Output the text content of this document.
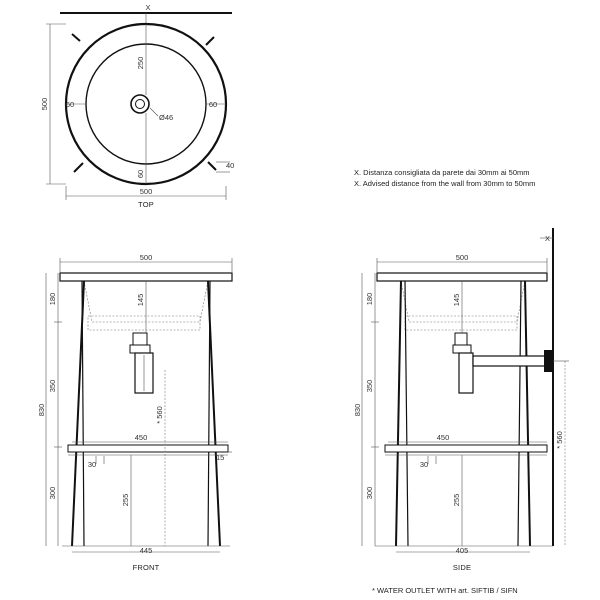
X
250
60
60	60
Ø46
500
500
TOP
40
X. Distanza consigliata da parete dai 30mm ai 50mm
X. Advised distance from the wall from 30mm to 50mm
830
180
350
300
500
145
* 560
450
30
15
255
445
FRONT
X
830
180
350
300
500
145
* 560
450
30
255
405
SIDE
* WATER OUTLET WITH art. SIFTIB / SIFN
